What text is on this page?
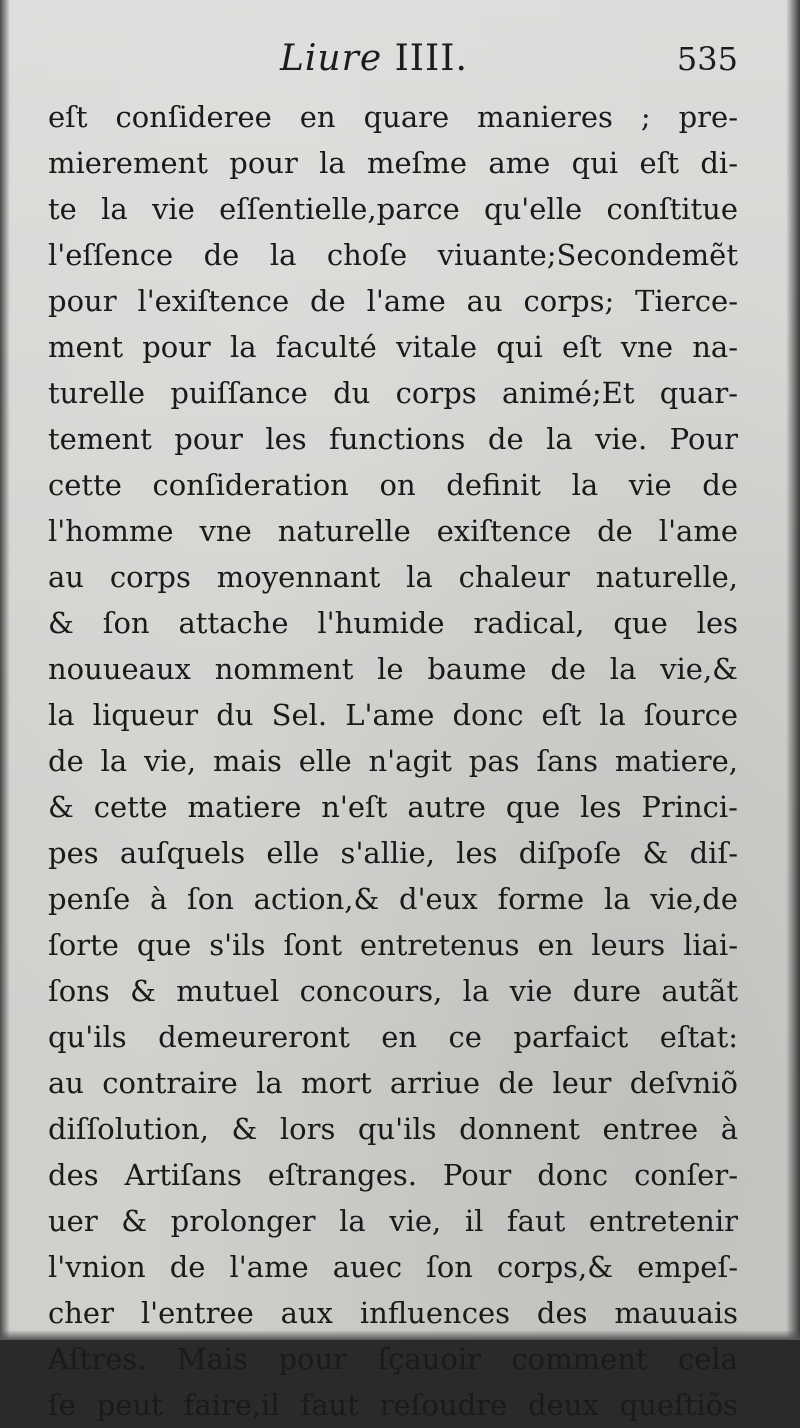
Liure IIII.	535
eſt conſideree en quare manieres ; pre-
mierement pour la meſme ame qui eſt di-
te la vie eſſentielle,parce qu'elle conſtitue
l'eſſence de la choſe viuante;Secondemẽt
pour l'exiſtence de l'ame au corps; Tierce-
ment pour la faculté vitale qui eſt vne na-
turelle puiſſance du corps animé;Et quar-
tement pour les functions de la vie. Pour
cette conſideration on definit la vie de
l'homme vne naturelle exiſtence de l'ame
au corps moyennant la chaleur naturelle,
& ſon attache l'humide radical, que les
nouueaux nomment le baume de la vie,&
la liqueur du Sel. L'ame donc eſt la ſource
de la vie, mais elle n'agit pas ſans matiere,
& cette matiere n'eſt autre que les Princi-
pes auſquels elle s'allie, les diſpoſe & diſ-
penſe à ſon action,& d'eux forme la vie,de
ſorte que s'ils ſont entretenus en leurs liai-
ſons & mutuel concours, la vie dure autãt
qu'ils demeureront en ce parfaict eſtat:
au contraire la mort arriue de leur deſvniõ
diſſolution, & lors qu'ils donnent entree à
des Artiſans eſtranges. Pour donc conſer-
uer & prolonger la vie, il faut entretenir
l'vnion de l'ame auec ſon corps,& empeſ-
cher l'entree aux influences des mauuais
Aſtres. Mais pour ſçauoir comment cela
ſe peut faire,il faut reſoudre deux queſtiõs
